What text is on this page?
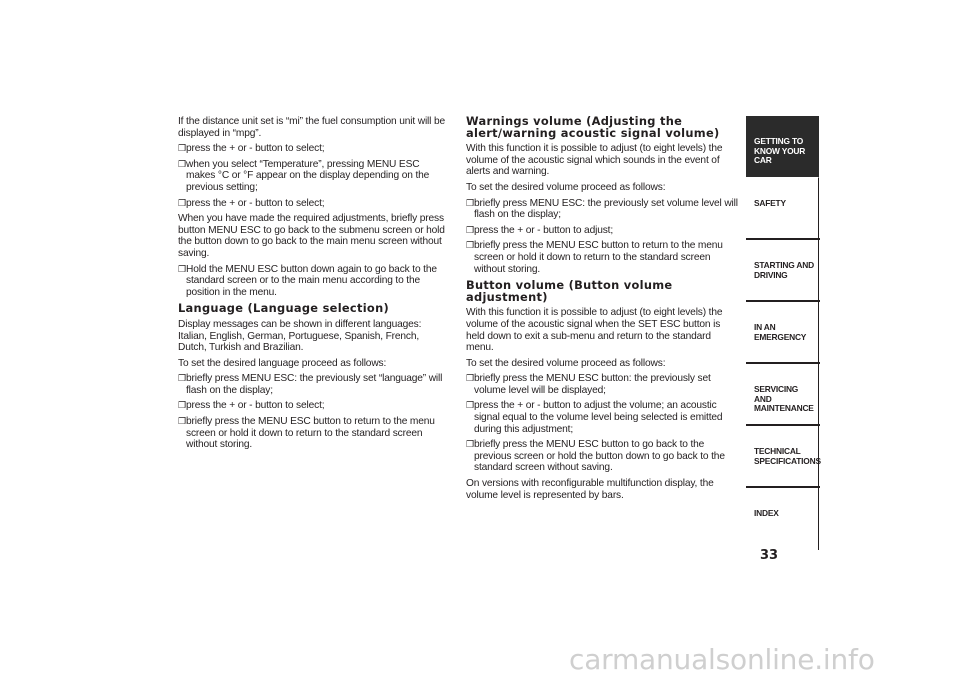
If the distance unit set is “mi” the fuel consumption unit will be displayed in “mpg”.

❒ press the + or - button to select;
❒ when you select “Temperature”, pressing MENU ESC makes °C or °F appear on the display depending on the previous setting;
❒ press the + or - button to select;

When you have made the required adjustments, briefly press button MENU ESC to go back to the submenu screen or hold the button down to go back to the main menu screen without saving.

❒ Hold the MENU ESC button down again to go back to the standard screen or to the main menu according to the position in the menu.
Language (Language selection)

Display messages can be shown in different languages: Italian, English, German, Portuguese, Spanish, French, Dutch, Turkish and Brazilian.

To set the desired language proceed as follows:

❒ briefly press MENU ESC: the previously set “language” will flash on the display;
❒ press the + or - button to select;
❒ briefly press the MENU ESC button to return to the menu screen or hold it down to return to the standard screen without storing.
Warnings volume (Adjusting the alert/warning acoustic signal volume)

With this function it is possible to adjust (to eight levels) the volume of the acoustic signal which sounds in the event of alerts and warning.

To set the desired volume proceed as follows:

❒ briefly press MENU ESC: the previously set volume level will flash on the display;
❒ press the + or - button to adjust;
❒ briefly press the MENU ESC button to return to the menu screen or hold it down to return to the standard screen without storing.
Button volume (Button volume adjustment)

With this function it is possible to adjust (to eight levels) the volume of the acoustic signal when the SET ESC button is held down to exit a sub-menu and return to the standard menu.

To set the desired volume proceed as follows:

❒ briefly press the MENU ESC button: the previously set volume level will be displayed;
❒ press the + or - button to adjust the volume; an acoustic signal equal to the volume level being selected is emitted during this adjustment;
❒ briefly press the MENU ESC button to go back to the previous screen or hold the button down to go back to the standard screen without saving.

On versions with reconfigurable multifunction display, the volume level is represented by bars.

GETTING TO KNOW YOUR CAR
SAFETY
STARTING AND DRIVING
IN AN EMERGENCY
SERVICING AND MAINTENANCE
TECHNICAL SPECIFICATIONS
INDEX
33
carmanualsonline.info
